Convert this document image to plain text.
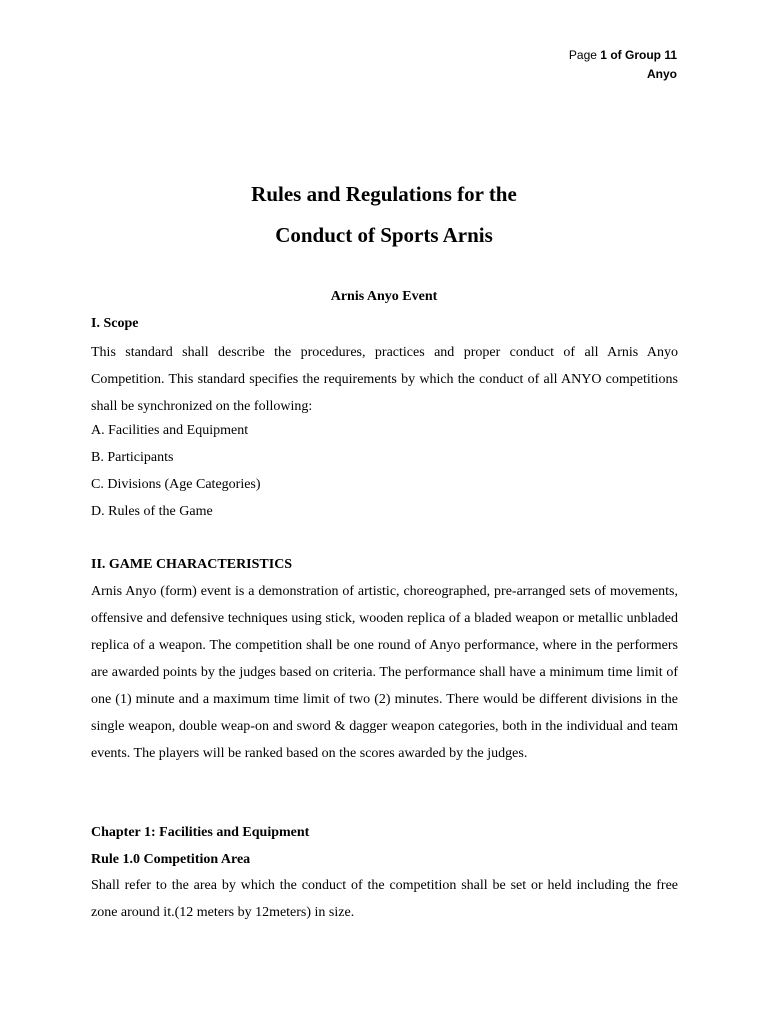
Page 1 of Group 11
Anyo
Rules and Regulations for the
Conduct of Sports Arnis
Arnis Anyo Event
I. Scope
This standard shall describe the procedures, practices and proper conduct of all Arnis Anyo Competition. This standard specifies the requirements by which the conduct of all ANYO competitions shall be synchronized on the following:
A. Facilities and Equipment
B. Participants
C. Divisions (Age Categories)
D. Rules of the Game
II. GAME CHARACTERISTICS
Arnis Anyo (form) event is a demonstration of artistic, choreographed, pre-arranged sets of movements, offensive and defensive techniques using stick, wooden replica of a bladed weapon or metallic unbladed replica of a weapon. The competition shall be one round of Anyo performance, where in the performers are awarded points by the judges based on criteria. The performance shall have a minimum time limit of one (1) minute and a maximum time limit of two (2) minutes. There would be different divisions in the single weapon, double weap-on and sword & dagger weapon categories, both in the individual and team events. The players will be ranked based on the scores awarded by the judges.
Chapter 1: Facilities and Equipment
Rule 1.0 Competition Area
Shall refer to the area by which the conduct of the competition shall be set or held including the free zone around it.(12 meters by 12meters) in size.
